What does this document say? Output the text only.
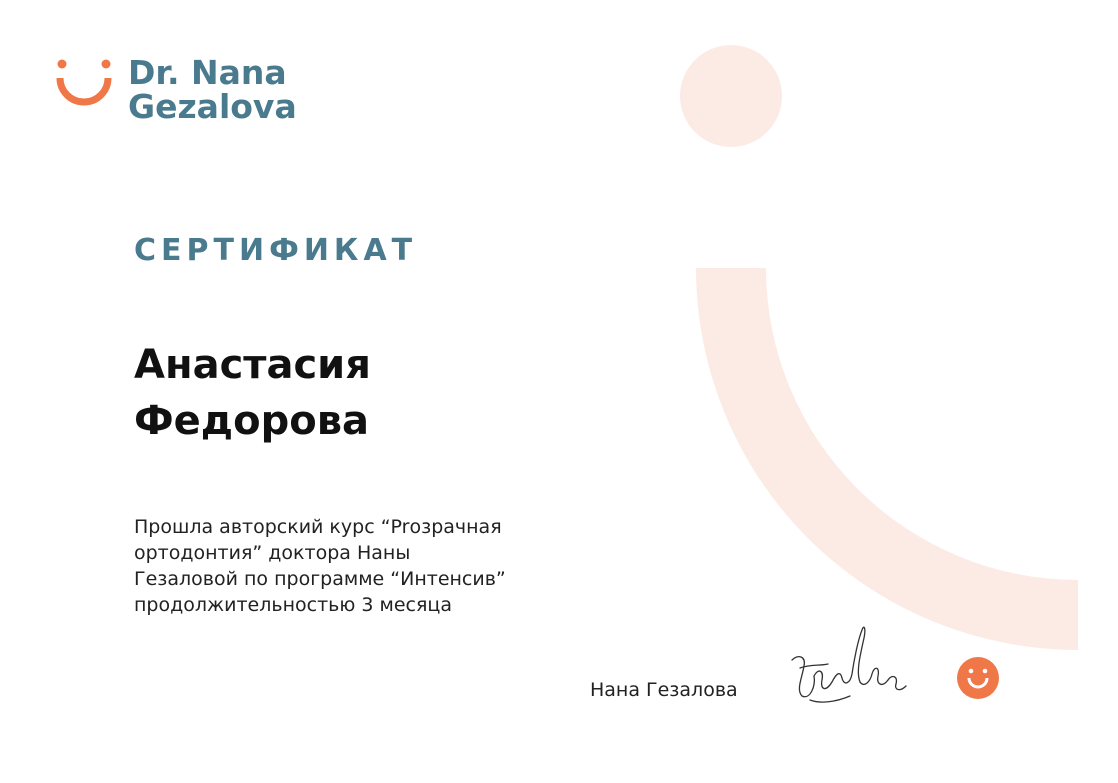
Dr. Nana
Gezalova
СЕРТИФИКАТ
Анастасия
Федорова
Прошла авторский курс “Prозрачная
ортодонтия” доктора Наны
Гезаловой по программе “Интенсив”
продолжительностью 3 месяца
Нана Гезалова
